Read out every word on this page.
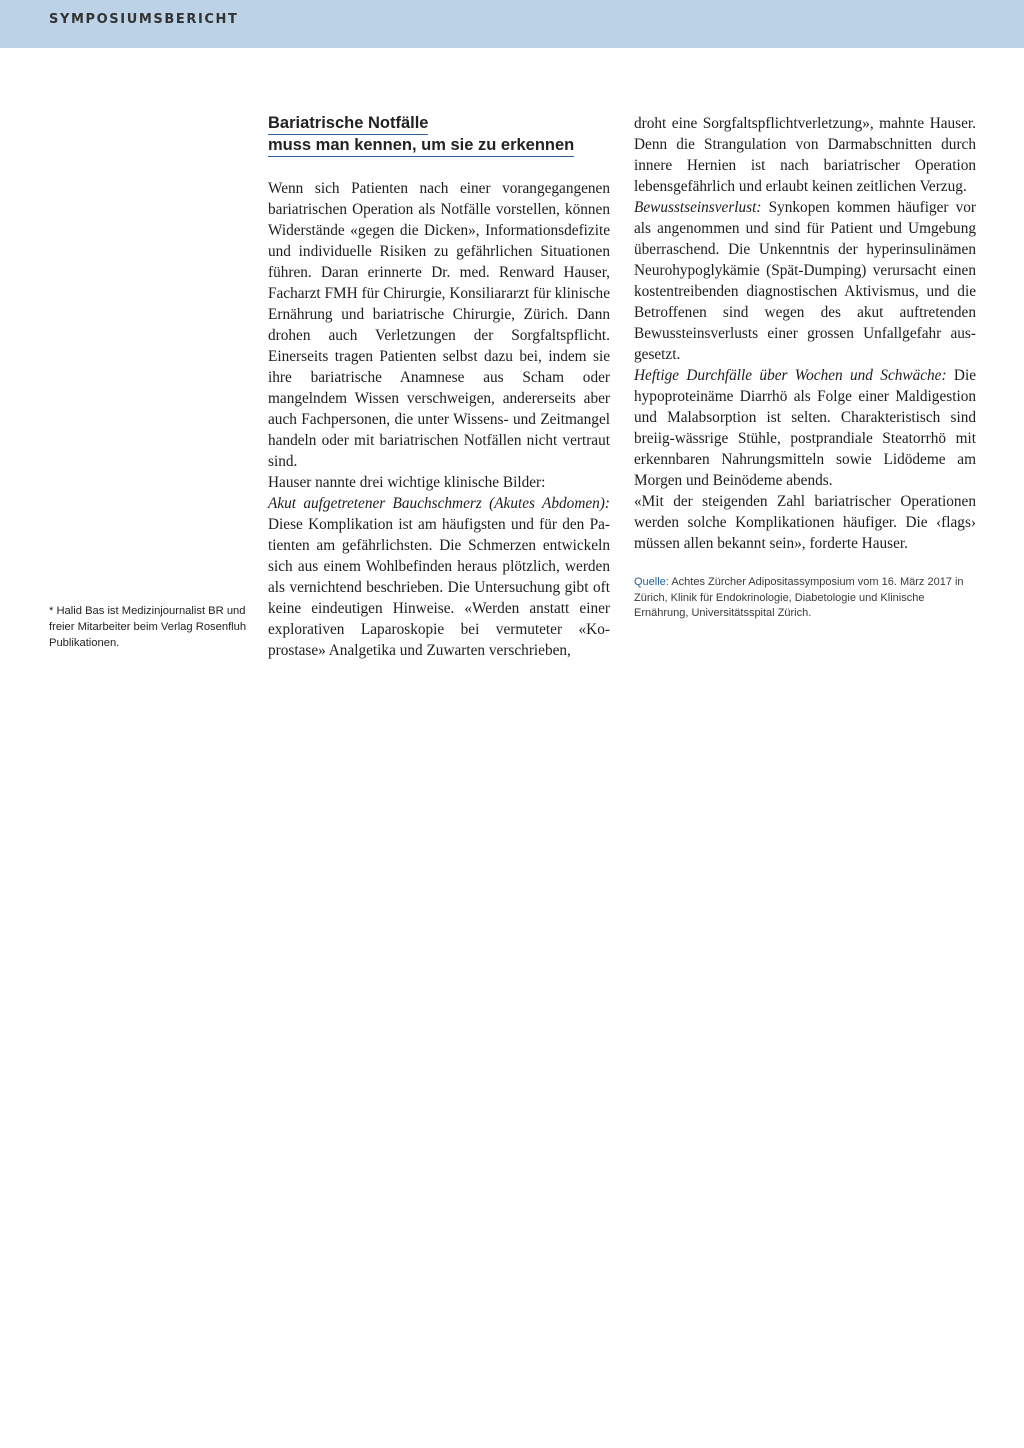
SYMPOSIUMSBERICHT
* Halid Bas ist Medizinjournalist BR und freier Mitarbeiter beim Verlag Rosenfluh Publikationen.
Bariatrische Notfälle
muss man kennen, um sie zu erkennen

Wenn sich Patienten nach einer vorangegangenen bariatrischen Operation als Notfälle vorstellen, können Widerstände «gegen die Dicken», Informationsdefizite und individuelle Risiken zu gefährlichen Situationen führen. Daran erinnerte Dr. med. Renward Hauser, Facharzt FMH für Chirurgie, Konsiliararzt für klinische Ernährung und bariatrische Chirurgie, Zürich. Dann drohen auch Verletzungen der Sorgfaltspflicht. Einerseits tragen Patienten selbst dazu bei, indem sie ihre bariatrische Anamnese aus Scham oder mangelndem Wissen verschweigen, andererseits aber auch Fachpersonen, die unter Wissens- und Zeitmangel handeln oder mit bariatrischen Notfällen nicht vertraut sind.

Hauser nannte drei wichtige klinische Bilder:

Akut aufgetretener Bauchschmerz (Akutes Abdomen): Diese Komplikation ist am häufigsten und für den Patienten am gefährlichsten. Die Schmerzen entwickeln sich aus einem Wohlbefinden heraus plötzlich, werden als vernichtend beschrieben. Die Untersuchung gibt oft keine eindeutigen Hinweise. «Werden anstatt einer explorativen Laparoskopie bei vermuteter «Koprostase» Analgetika und Zuwarten verschrieben,

droht eine Sorgfaltspflichtverletzung», mahnte Hauser. Denn die Strangulation von Darmabschnitten durch innere Hernien ist nach bariatrischer Operation lebensgefährlich und erlaubt keinen zeitlichen Verzug.

Bewusstseinsverlust: Synkopen kommen häufiger vor als angenommen und sind für Patient und Umgebung überraschend. Die Unkenntnis der hyperinsulinämen Neurohypoglykämie (Spät-Dumping) verursacht einen kostentreibenden diagnostischen Aktivismus, und die Betroffenen sind wegen des akut auftretenden Bewussteinsverlusts einer grossen Unfallgefahr ausgesetzt.

Heftige Durchfälle über Wochen und Schwäche: Die hypoproteinäme Diarrhö als Folge einer Maldigestion und Malabsorption ist selten. Charakteristisch sind breiig-wässrige Stühle, postprandiale Steatorrhö mit erkennbaren Nahrungsmitteln sowie Lidödeme am Morgen und Beinödeme abends.

«Mit der steigenden Zahl bariatrischer Operationen werden solche Komplikationen häufiger. Die ‹flags› müssen allen bekannt sein», forderte Hauser.

Quelle: Achtes Zürcher Adipositassymposium vom 16. März 2017 in Zürich, Klinik für Endokrinologie, Diabetologie und Klinische Ernährung, Universitätsspital Zürich.
